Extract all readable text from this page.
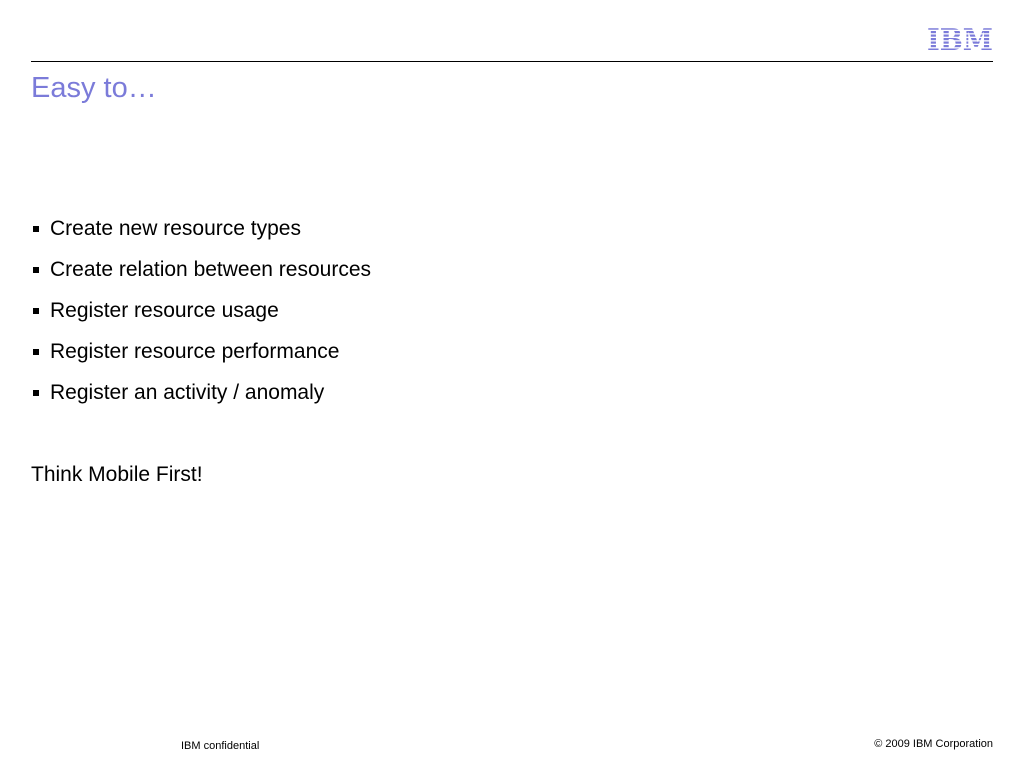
IBM
Easy to…
Create new resource types
Create relation between resources
Register resource usage
Register resource performance
Register an activity / anomaly

Think Mobile First!

IBM confidential	© 2009 IBM Corporation
